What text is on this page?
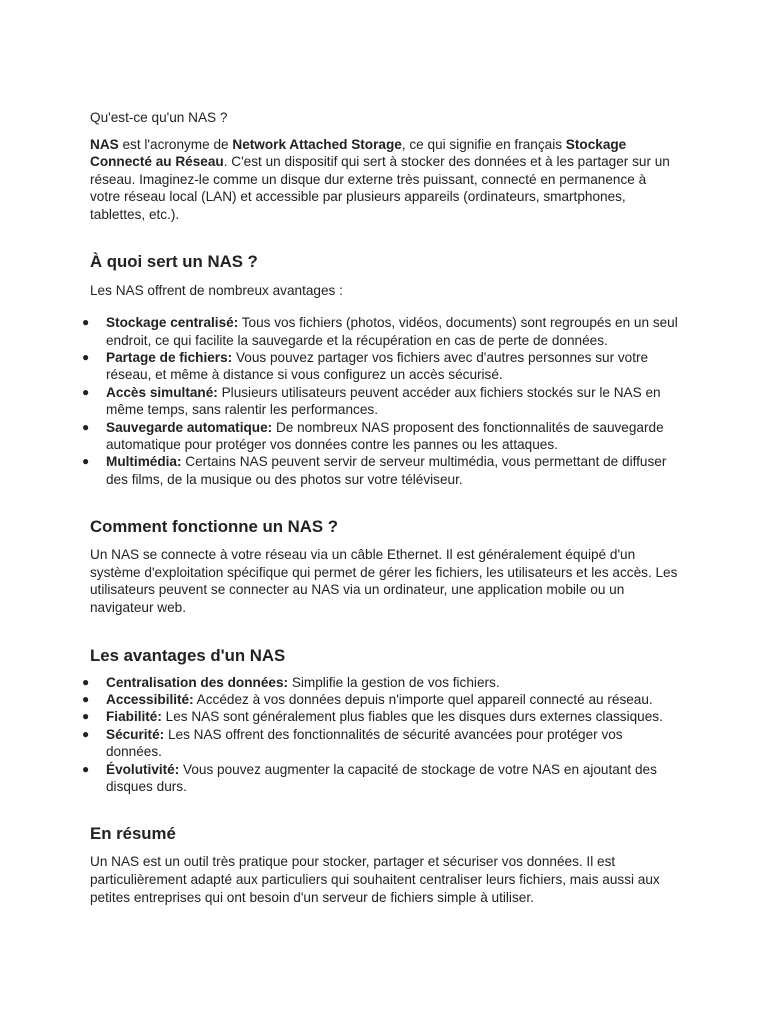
Qu'est-ce qu'un NAS ?

NAS est l'acronyme de Network Attached Storage, ce qui signifie en français Stockage Connecté au Réseau. C'est un dispositif qui sert à stocker des données et à les partager sur un réseau. Imaginez-le comme un disque dur externe très puissant, connecté en permanence à votre réseau local (LAN) et accessible par plusieurs appareils (ordinateurs, smartphones, tablettes, etc.).

À quoi sert un NAS ?

Les NAS offrent de nombreux avantages :

● Stockage centralisé: Tous vos fichiers (photos, vidéos, documents) sont regroupés en un seul endroit, ce qui facilite la sauvegarde et la récupération en cas de perte de données.
● Partage de fichiers: Vous pouvez partager vos fichiers avec d'autres personnes sur votre réseau, et même à distance si vous configurez un accès sécurisé.
● Accès simultané: Plusieurs utilisateurs peuvent accéder aux fichiers stockés sur le NAS en même temps, sans ralentir les performances.
● Sauvegarde automatique: De nombreux NAS proposent des fonctionnalités de sauvegarde automatique pour protéger vos données contre les pannes ou les attaques.
● Multimédia: Certains NAS peuvent servir de serveur multimédia, vous permettant de diffuser des films, de la musique ou des photos sur votre téléviseur.
Comment fonctionne un NAS ?

Un NAS se connecte à votre réseau via un câble Ethernet. Il est généralement équipé d'un système d'exploitation spécifique qui permet de gérer les fichiers, les utilisateurs et les accès. Les utilisateurs peuvent se connecter au NAS via un ordinateur, une application mobile ou un navigateur web.

Les avantages d'un NAS
● Centralisation des données: Simplifie la gestion de vos fichiers.
● Accessibilité: Accédez à vos données depuis n'importe quel appareil connecté au réseau.
● Fiabilité: Les NAS sont généralement plus fiables que les disques durs externes classiques.
● Sécurité: Les NAS offrent des fonctionnalités de sécurité avancées pour protéger vos données.
● Évolutivité: Vous pouvez augmenter la capacité de stockage de votre NAS en ajoutant des disques durs.
En résumé

Un NAS est un outil très pratique pour stocker, partager et sécuriser vos données. Il est particulièrement adapté aux particuliers qui souhaitent centraliser leurs fichiers, mais aussi aux petites entreprises qui ont besoin d'un serveur de fichiers simple à utiliser.
